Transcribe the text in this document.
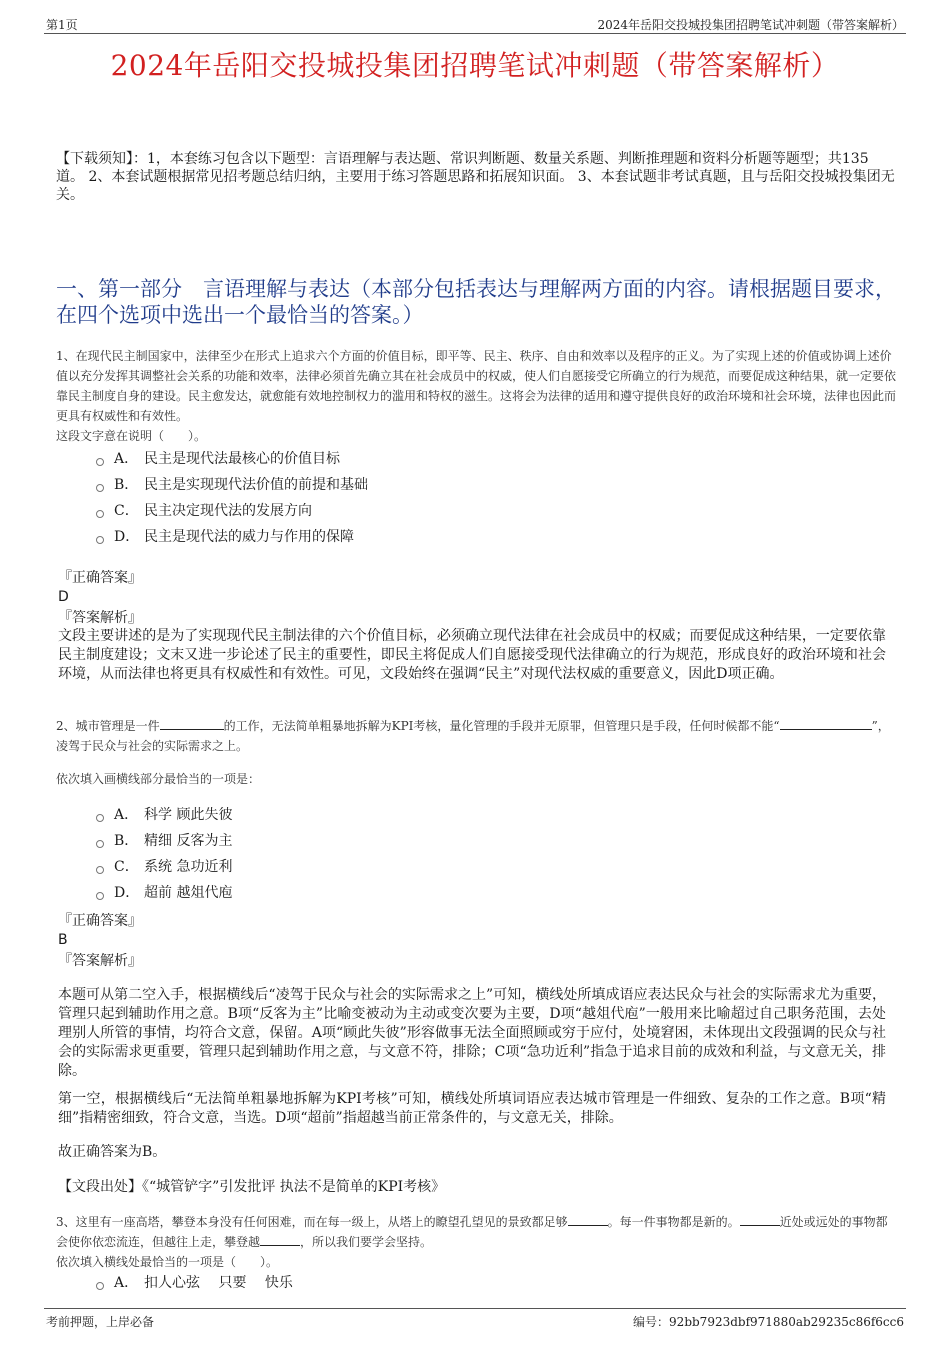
第1页	2024年岳阳交投城投集团招聘笔试冲刺题（带答案解析）
2024年岳阳交投城投集团招聘笔试冲刺题（带答案解析）
【下载须知】：1，本套练习包含以下题型：言语理解与表达题、常识判断题、数量关系题、判断推理题和资料分析题等题型；共135道。 2、本套试题根据常见招考题总结归纳，主要用于练习答题思路和拓展知识面。 3、本套试题非考试真题，且与岳阳交投城投集团无关。
一、第一部分　言语理解与表达（本部分包括表达与理解两方面的内容。请根据题目要求，在四个选项中选出一个最恰当的答案。）
1、在现代民主制国家中，法律至少在形式上追求六个方面的价值目标，即平等、民主、秩序、自由和效率以及程序的正义。为了实现上述的价值或协调上述价值以充分发挥其调整社会关系的功能和效率，法律必须首先确立其在社会成员中的权威，使人们自愿接受它所确立的行为规范，而要促成这种结果，就一定要依靠民主制度自身的建设。民主愈发达，就愈能有效地控制权力的滥用和特权的滋生。这将会为法律的适用和遵守提供良好的政治环境和社会环境，法律也因此而更具有权威性和有效性。
这段文字意在说明（　　）。
A． 民主是现代法最核心的价值目标
B． 民主是实现现代法价值的前提和基础
C． 民主决定现代法的发展方向
D． 民主是现代法的威力与作用的保障
『正确答案』
D
『答案解析』
文段主要讲述的是为了实现现代民主制法律的六个价值目标，必须确立现代法律在社会成员中的权威；而要促成这种结果，一定要依靠民主制度建设；文末又进一步论述了民主的重要性，即民主将促成人们自愿接受现代法律确立的行为规范，形成良好的政治环境和社会环境，从而法律也将更具有权威性和有效性。可见，文段始终在强调“民主”对现代法权威的重要意义，因此D项正确。
2、城市管理是一件	的工作，无法简单粗暴地拆解为KPI考核，量化管理的手段并无原罪，但管理只是手段，任何时候都不能“	”，凌驾于民众与社会的实际需求之上。
依次填入画横线部分最恰当的一项是：
A． 科学 顾此失彼
B． 精细 反客为主
C． 系统 急功近利
D． 超前 越俎代庖
『正确答案』
B
『答案解析』
本题可从第二空入手，根据横线后“凌驾于民众与社会的实际需求之上”可知，横线处所填成语应表达民众与社会的实际需求尤为重要，管理只起到辅助作用之意。B项“反客为主”比喻变被动为主动或变次要为主要，D项“越俎代庖”一般用来比喻超过自己职务范围，去处理别人所管的事情，均符合文意，保留。A项“顾此失彼”形容做事无法全面照顾或穷于应付，处境窘困，未体现出文段强调的民众与社会的实际需求更重要，管理只起到辅助作用之意，与文意不符，排除；C项“急功近利”指急于追求目前的成效和利益，与文意无关，排除。
第一空，根据横线后“无法简单粗暴地拆解为KPI考核”可知，横线处所填词语应表达城市管理是一件细致、复杂的工作之意。B项“精细”指精密细致，符合文意，当选。D项“超前”指超越当前正常条件的，与文意无关，排除。
故正确答案为B。
【文段出处】《“城管铲字”引发批评 执法不是简单的KPI考核》
3、这里有一座高塔，攀登本身没有任何困难，而在每一级上，从塔上的瞭望孔望见的景致都足够	。每一件事物都是新的。	近处或远处的事物都会使你依恋流连，但越往上走，攀登越	，所以我们要学会坚持。
依次填入横线处最恰当的一项是（　　）。
A． 扣人心弦　 只要　 快乐
考前押题，上岸必备	编号：92bb7923dbf971880ab29235c86f6cc6
